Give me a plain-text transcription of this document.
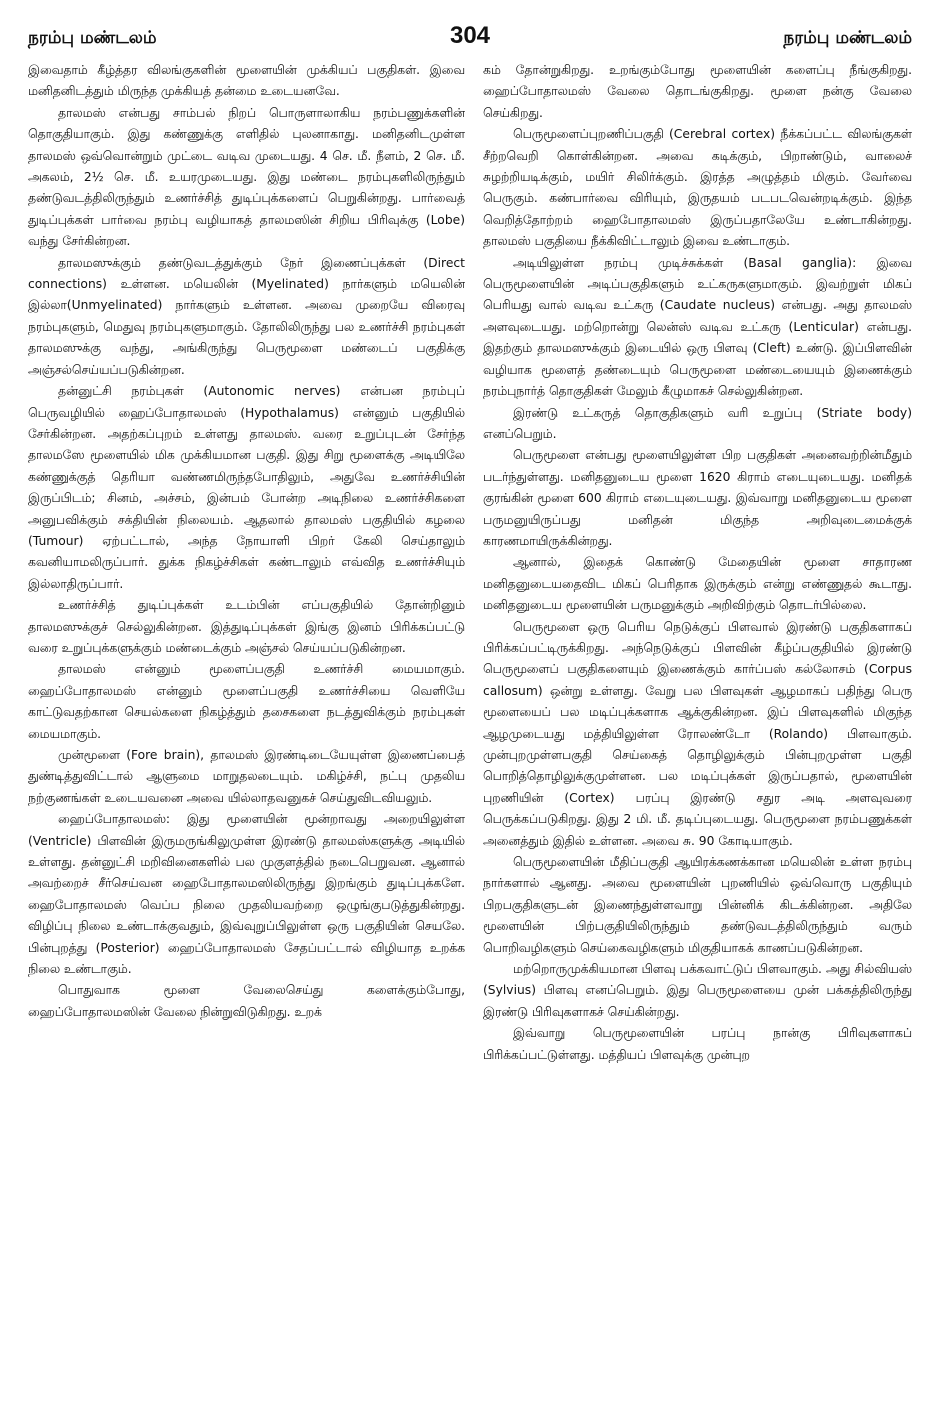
நரம்பு மண்டலம்	304	நரம்பு மண்டலம்

இவைதாம் கீழ்த்தர விலங்குகளின் மூளையின் முக்கியப் பகுதிகள். இவை மனிதனிடத்தும் மிருந்த முக்கியத் தன்மை உடையனவே.

தாலமஸ் என்பது சாம்பல் நிறப் பொருளாலாகிய நரம்பணுக்களின் தொகுதியாகும். இது கண்ணுக்கு எளிதில் புலனாகாது. மனிதனிடமுள்ள தாலமஸ் ஒவ்வொன்றும் முட்டை வடிவ முடையது. 4 செ. மீ. நீளம், 2 செ. மீ. அகலம், 2½ செ. மீ. உயரமுடையது. இது மண்டை நரம்புகளிலிருந்தும் தண்டுவடத்திலிருந்தும் உணர்ச்சித் துடிப்புக்களைப் பெறுகின்றது. பார்வைத் துடிப்புக்கள் பார்வை நரம்பு வழியாகத் தாலமஸின் சிறிய பிரிவுக்கு (Lobe) வந்து சேர்கின்றன.

தாலமஸுக்கும் தண்டுவடத்துக்கும் நேர் இணைப்புக்கள் (Direct connections) உள்ளன. மயெலின் (Myelinated) நார்களும் மயெலின் இல்லா(Unmyelinated) நார்களும் உள்ளன. அவை முறையே விரைவு நரம்புகளும், மெதுவு நரம்புகளுமாகும். தோலிலிருந்து பல உணர்ச்சி நரம்புகள் தாலமஸுக்கு வந்து, அங்கிருந்து பெருமூளை மண்டைப் பகுதிக்கு அஞ்சல்செய்யப்படுகின்றன.

தன்னுட்சி நரம்புகள் (Autonomic nerves) என்பன நரம்புப் பெருவழியில் ஹைப்போதாலமஸ் (Hypothalamus) என்னும் பகுதியில் சேர்கின்றன. அதற்கப்புறம் உள்ளது தாலமஸ். வரை உறுப்புடன் சேர்ந்த தாலமஸே மூளையில் மிக முக்கியமான பகுதி. இது சிறு மூளைக்கு அடியிலே கண்ணுக்குத் தெரியா வண்ணமிருந்தபோதிலும், அதுவே உணர்ச்சியின் இருப்பிடம்; சினம், அச்சம், இன்பம் போன்ற அடிநிலை உணர்ச்சிகளை அனுபவிக்கும் சக்தியின் நிலையம். ஆதலால் தாலமஸ் பகுதியில் கழலை (Tumour) ஏற்பட்டால், அந்த நோயாளி பிறர் கேலி செய்தாலும் கவனியாமலிருப்பார். துக்க நிகழ்ச்சிகள் கண்டாலும் எவ்வித உணர்ச்சியும் இல்லாதிருப்பார்.

உணர்ச்சித் துடிப்புக்கள் உடம்பின் எப்பகுதியில் தோன்றினும் தாலமஸுக்குச் செல்லுகின்றன. இத்துடிப்புக்கள் இங்கு இனம் பிரிக்கப்பட்டு வரை உறுப்புக்களுக்கும் மண்டைக்கும் அஞ்சல் செய்யப்படுகின்றன.

தாலமஸ் என்னும் மூளைப்பகுதி உணர்ச்சி மையமாகும். ஹைப்போதாலமஸ் என்னும் மூளைப்பகுதி உணர்ச்சியை வெளியே காட்டுவதற்கான செயல்களை நிகழ்த்தும் தசைகளை நடத்துவிக்கும் நரம்புகள் மையமாகும்.

முன்மூளை (Fore brain), தாலமஸ் இரண்டிடையேயுள்ள இணைப்பைத் துண்டித்துவிட்டால் ஆளுமை மாறுதலடையும். மகிழ்ச்சி, நட்பு முதலிய நற்குணங்கள் உடையவனை அவை யில்லாதவனுகச் செய்துவிடவியலும்.

ஹைப்போதாலமஸ்: இது மூளையின் மூன்றாவது அறையிலுள்ள (Ventricle) பிளவின் இருமருங்கிலுமுள்ள இரண்டு தாலமஸ்களுக்கு அடியில் உள்ளது. தன்னுட்சி மறிவினைகளில் பல முகுளத்தில் நடைபெறுவன. ஆனால் அவற்றைச் சீர்செய்வன ஹைபோதாலமஸிலிருந்து இறங்கும் துடிப்புக்களே. ஹைபோதாலமஸ் வெப்ப நிலை முதலியவற்றை ஒழுங்குபடுத்துகின்றது. விழிப்பு நிலை உண்டாக்குவதும், இவ்வுறுப்பிலுள்ள ஒரு பகுதியின் செயலே. பின்புறத்து (Posterior) ஹைப்போதாலமஸ் சேதப்பட்டால் விழியாத உறக்க நிலை உண்டாகும்.

பொதுவாக மூளை வேலைசெய்து களைக்கும்போது, ஹைப்போதாலமஸின் வேலை நின்றுவிடுகிறது. உறக்

கம் தோன்றுகிறது. உறங்கும்போது மூளையின் களைப்பு நீங்குகிறது. ஹைப்போதாலமஸ் வேலை தொடங்குகிறது. மூளை நன்கு வேலை செய்கிறது.

பெருமூளைப்புறணிப்பகுதி (Cerebral cortex) நீக்கப்பட்ட விலங்குகள் சீற்றவெறி கொள்கின்றன. அவை கடிக்கும், பிறாண்டும், வாலைச் சுழற்றியடிக்கும், மயிர் சிலிர்க்கும். இரத்த அழுத்தம் மிகும். வேர்வை பெருகும். கண்பார்வை விரியும், இருதயம் படபடவென்றடிக்கும். இந்த வெறித்தோற்றம் ஹைபோதாலமஸ் இருப்பதாலேயே உண்டாகின்றது. தாலமஸ் பகுதியை நீக்கிவிட்டாலும் இவை உண்டாகும்.

அடியிலுள்ள நரம்பு முடிச்சுக்கள் (Basal ganglia): இவை பெருமூளையின் அடிப்பகுதிகளும் உட்கருகளுமாகும். இவற்றுள் மிகப் பெரியது வால் வடிவ உட்கரு (Caudate nucleus) என்பது. அது தாலமஸ் அளவுடையது. மற்றொன்று லென்ஸ் வடிவ உட்கரு (Lenticular) என்பது. இதற்கும் தாலமஸுக்கும் இடையில் ஒரு பிளவு (Cleft) உண்டு. இப்பிளவின் வழியாக மூளைத் தண்டையும் பெருமூளை மண்டையையும் இணைக்கும் நரம்புநார்த் தொகுதிகள் மேலும் கீழுமாகச் செல்லுகின்றன.

இரண்டு உட்கருத் தொகுதிகளும் வரி உறுப்பு (Striate body) எனப்பெறும்.

பெருமூளை என்பது மூளையிலுள்ள பிற பகுதிகள் அனைவற்றின்மீதும் படர்ந்துள்ளது. மனிதனுடைய மூளை 1620 கிராம் எடையுடையது. மனிதக் குரங்கின் மூளை 600 கிராம் எடையுடையது. இவ்வாறு மனிதனுடைய மூளை பருமனுயிருப்பது மனிதன் மிகுந்த அறிவுடைமைக்குக் காரணமாயிருக்கின்றது.

ஆனால், இதைக் கொண்டு மேதையின் மூளை சாதாரண மனிதனுடையதைவிட மிகப் பெரிதாக இருக்கும் என்று எண்ணுதல் கூடாது. மனிதனுடைய மூளையின் பருமனுக்கும் அறிவிற்கும் தொடர்பில்லை.

பெருமூளை ஒரு பெரிய நெடுக்குப் பிளவால் இரண்டு பகுதிகளாகப் பிரிக்கப்பட்டிருக்கிறது. அந்நெடுக்குப் பிளவின் கீழ்ப்பகுதியில் இரண்டு பெருமூளைப் பகுதிகளையும் இணைக்கும் கார்ப்பஸ் கல்லோசம் (Corpus callosum) ஒன்று உள்ளது. வேறு பல பிளவுகள் ஆழமாகப் பதிந்து பெரு மூளையைப் பல மடிப்புக்களாக ஆக்குகின்றன. இப் பிளவுகளில் மிகுந்த ஆழமுடையது மத்தியிலுள்ள ரோலண்டோ (Rolando) பிளவாகும். முன்புறமுள்ளபகுதி செய்கைத் தொழிலுக்கும் பின்புறமுள்ள பகுதி பொறித்தொழிலுக்குமுள்ளன. பல மடிப்புக்கள் இருப்பதால், மூளையின் புறணியின் (Cortex) பரப்பு இரண்டு சதுர அடி அளவுவரை பெருக்கப்படுகிறது. இது 2 மி. மீ. தடிப்புடையது. பெருமூளை நரம்பணுக்கள் அனைத்தும் இதில் உள்ளன. அவை சு. 90 கோடியாகும்.

பெருமூளையின் மீதிப்பகுதி ஆயிரக்கணக்கான மயெலின் உள்ள நரம்பு நார்களால் ஆனது. அவை மூளையின் புறணியில் ஒவ்வொரு பகுதியும் பிறபகுதிகளுடன் இணைந்துள்ளவாறு பின்னிக் கிடக்கின்றன. அதிலே மூளையின் பிற்பகுதியிலிருந்தும் தண்டுவடத்திலிருந்தும் வரும் பொறிவழிகளும் செய்கைவழிகளும் மிகுதியாகக் காணப்படுகின்றன.

மற்றொருமுக்கியமான பிளவு பக்கவாட்டுப் பிளவாகும். அது சில்வியஸ் (Sylvius) பிளவு எனப்பெறும். இது பெருமூளையை முன் பக்கத்திலிருந்து இரண்டு பிரிவுகளாகச் செய்கின்றது.

இவ்வாறு பெருமூளையின் பரப்பு நான்கு பிரிவுகளாகப் பிரிக்கப்பட்டுள்ளது. மத்தியப் பிளவுக்கு முன்புற
